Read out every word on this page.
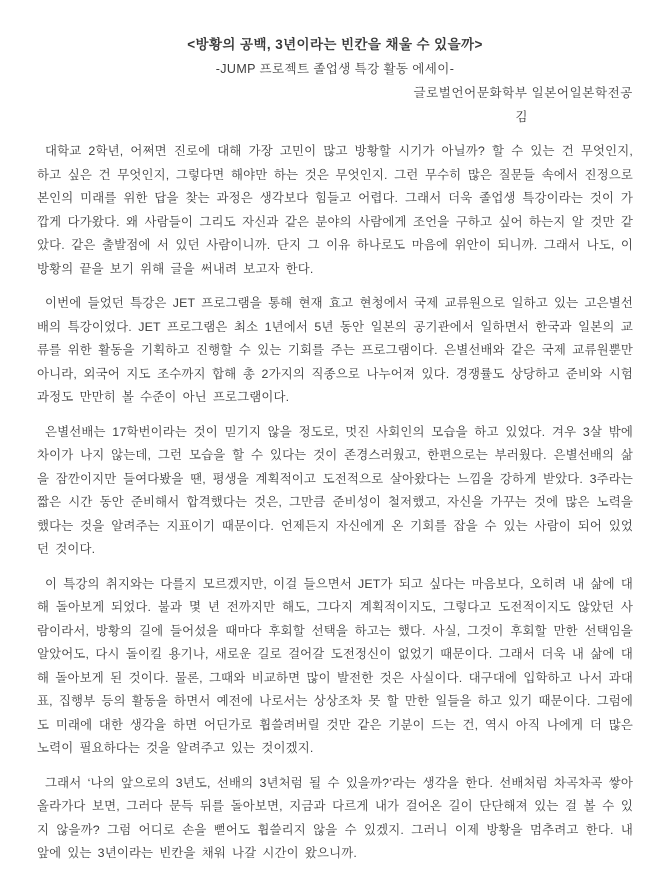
<방황의 공백, 3년이라는 빈칸을 채울 수 있을까>

-JUMP 프로젝트 졸업생 특강 활동 에세이-

글로벌언어문화학부 일본어일본학전공

김

대학교 2학년, 어쩌면 진로에 대해 가장 고민이 많고 방황할 시기가 아닐까? 할 수 있는 건 무엇인지, 하고 싶은 건 무엇인지, 그렇다면 해야만 하는 것은 무엇인지. 그런 무수히 많은 질문들 속에서 진정으로 본인의 미래를 위한 답을 찾는 과정은 생각보다 힘들고 어렵다. 그래서 더욱 졸업생 특강이라는 것이 가깝게 다가왔다. 왜 사람들이 그리도 자신과 같은 분야의 사람에게 조언을 구하고 싶어 하는지 알 것만 같았다. 같은 출발점에 서 있던 사람이니까. 단지 그 이유 하나로도 마음에 위안이 되니까. 그래서 나도, 이 방황의 끝을 보기 위해 글을 써내려 보고자 한다.

이번에 들었던 특강은 JET 프로그램을 통해 현재 효고 현청에서 국제 교류원으로 일하고 있는 고은별선배의 특강이었다. JET 프로그램은 최소 1년에서 5년 동안 일본의 공기관에서 일하면서 한국과 일본의 교류를 위한 활동을 기획하고 진행할 수 있는 기회를 주는 프로그램이다. 은별선배와 같은 국제 교류원뿐만 아니라, 외국어 지도 조수까지 합해 총 2가지의 직종으로 나누어져 있다. 경쟁률도 상당하고 준비와 시험 과정도 만만히 볼 수준이 아닌 프로그램이다.

은별선배는 17학번이라는 것이 믿기지 않을 정도로, 멋진 사회인의 모습을 하고 있었다. 겨우 3살 밖에 차이가 나지 않는데, 그런 모습을 할 수 있다는 것이 존경스러웠고, 한편으로는 부러웠다. 은별선배의 삶을 잠깐이지만 들여다봤을 땐, 평생을 계획적이고 도전적으로 살아왔다는 느낌을 강하게 받았다. 3주라는 짧은 시간 동안 준비해서 합격했다는 것은, 그만큼 준비성이 철저했고, 자신을 가꾸는 것에 많은 노력을 했다는 것을 알려주는 지표이기 때문이다. 언제든지 자신에게 온 기회를 잡을 수 있는 사람이 되어 있었던 것이다.

이 특강의 취지와는 다를지 모르겠지만, 이걸 들으면서 JET가 되고 싶다는 마음보다, 오히려 내 삶에 대해 돌아보게 되었다. 불과 몇 년 전까지만 해도, 그다지 계획적이지도, 그렇다고 도전적이지도 않았던 사람이라서, 방황의 길에 들어섰을 때마다 후회할 선택을 하고는 했다. 사실, 그것이 후회할 만한 선택임을 알았어도, 다시 돌이킬 용기나, 새로운 길로 걸어갈 도전정신이 없었기 때문이다. 그래서 더욱 내 삶에 대해 돌아보게 된 것이다. 물론, 그때와 비교하면 많이 발전한 것은 사실이다. 대구대에 입학하고 나서 과대표, 집행부 등의 활동을 하면서 예전에 나로서는 상상조차 못 할 만한 일들을 하고 있기 때문이다. 그럼에도 미래에 대한 생각을 하면 어딘가로 휩쓸려버릴 것만 같은 기분이 드는 건, 역시 아직 나에게 더 많은 노력이 필요하다는 것을 알려주고 있는 것이겠지.

그래서 ‘나의 앞으로의 3년도, 선배의 3년처럼 될 수 있을까?’라는 생각을 한다. 선배처럼 차곡차곡 쌓아 올라가다 보면, 그러다 문득 뒤를 돌아보면, 지금과 다르게 내가 걸어온 길이 단단해져 있는 걸 볼 수 있지 않을까? 그럼 어디로 손을 뻗어도 휩쓸리지 않을 수 있겠지. 그러니 이제 방황을 멈추려고 한다. 내 앞에 있는 3년이라는 빈칸을 채워 나갈 시간이 왔으니까.
